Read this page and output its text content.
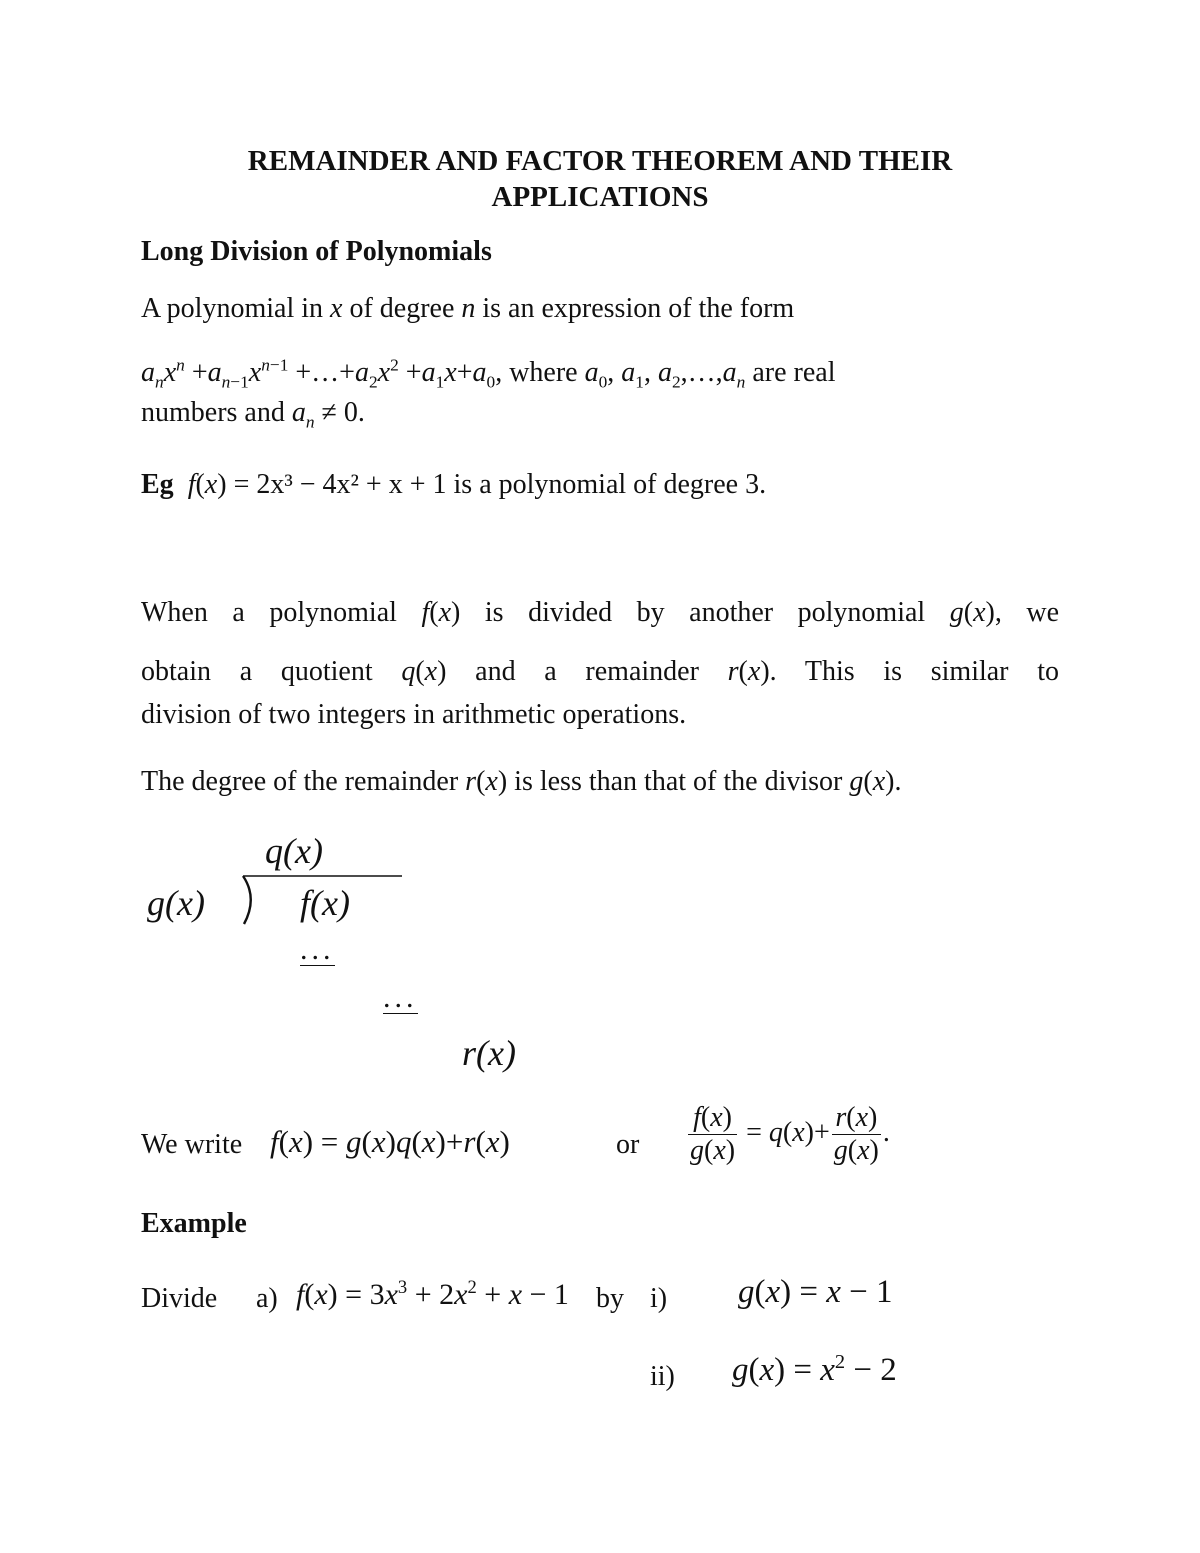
REMAINDER AND FACTOR THEOREM AND THEIR
APPLICATIONS
Long Division of Polynomials
A polynomial in x of degree n is an expression of the form
$a_nx^n +a_{n-1}x^{n-1}$ $+\dots+a_2x^2 +a_1x+a_0$, where $a_0$, $a_1$, $a_2,\dots,a_n$ are real
numbers and $a_n \ne 0$.
Eg f(x) = 2x³ − 4x² + x + 1 is a polynomial of degree 3.
When a polynomial f(x) is divided by another polynomial g(x), we
obtain a quotient q(x) and a remainder r(x). This is similar to
division of two integers in arithmetic operations.
The degree of the remainder r(x) is less than that of the divisor g(x).
q(x)
g(x)	f(x)
...
...
r(x)
We write f(x) = g(x)q(x)+r(x)	or $\frac{f(x)}{g(x)} = q(x)+ \frac{r(x)}{g(x)}$ .
Example
Divide a) $f(x) = 3x^3 + 2x^2 + x - 1$ by i) g(x) = x − 1
ii) $g(x) = x^2 - 2$
